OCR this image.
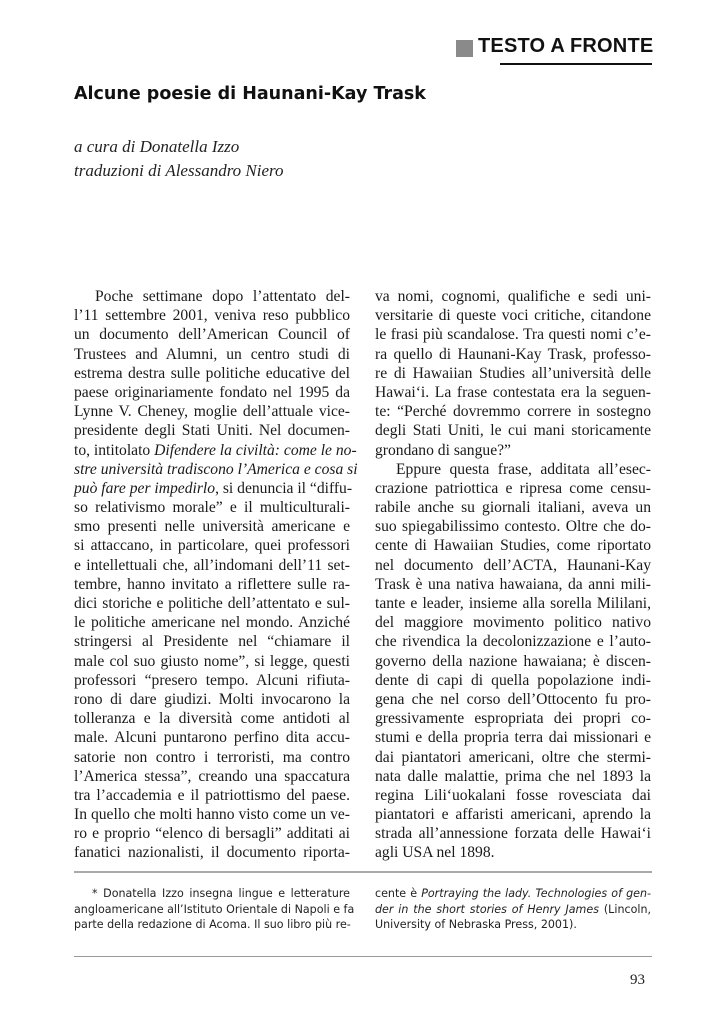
TESTO A FRONTE
Alcune poesie di Haunani-Kay Trask
a cura di Donatella Izzo
traduzioni di Alessandro Niero
Poche settimane dopo l’attentato del-
l’11 settembre 2001, veniva reso pubblico
un documento dell’American Council of
Trustees and Alumni, un centro studi di
estrema destra sulle politiche educative del
paese originariamente fondato nel 1995 da
Lynne V. Cheney, moglie dell’attuale vice-
presidente degli Stati Uniti. Nel documen-
to, intitolato Difendere la civiltà: come le no-
stre università tradiscono l’America e cosa si
può fare per impedirlo, si denuncia il “diffu-
so relativismo morale” e il multiculturali-
smo presenti nelle università americane e
si attaccano, in particolare, quei professori
e intellettuali che, all’indomani dell’11 set-
tembre, hanno invitato a riflettere sulle ra-
dici storiche e politiche dell’attentato e sul-
le politiche americane nel mondo. Anziché
stringersi al Presidente nel “chiamare il
male col suo giusto nome”, si legge, questi
professori “presero tempo. Alcuni rifiuta-
rono di dare giudizi. Molti invocarono la
tolleranza e la diversità come antidoti al
male. Alcuni puntarono perfino dita accu-
satorie non contro i terroristi, ma contro
l’America stessa”, creando una spaccatura
tra l’accademia e il patriottismo del paese.
In quello che molti hanno visto come un ve-
ro e proprio “elenco di bersagli” additati ai
fanatici nazionalisti, il documento riporta-
va nomi, cognomi, qualifiche e sedi uni-
versitarie di queste voci critiche, citandone
le frasi più scandalose. Tra questi nomi c’e-
ra quello di Haunani-Kay Trask, professo-
re di Hawaiian Studies all’università delle
Hawai‘i. La frase contestata era la seguen-
te: “Perché dovremmo correre in sostegno
degli Stati Uniti, le cui mani storicamente
grondano di sangue?”
Eppure questa frase, additata all’esec-
crazione patriottica e ripresa come censu-
rabile anche su giornali italiani, aveva un
suo spiegabilissimo contesto. Oltre che do-
cente di Hawaiian Studies, come riportato
nel documento dell’ACTA, Haunani-Kay
Trask è una nativa hawaiana, da anni mili-
tante e leader, insieme alla sorella Mililani,
del maggiore movimento politico nativo
che rivendica la decolonizzazione e l’auto-
governo della nazione hawaiana; è discen-
dente di capi di quella popolazione indi-
gena che nel corso dell’Ottocento fu pro-
gressivamente espropriata dei propri co-
stumi e della propria terra dai missionari e
dai piantatori americani, oltre che stermi-
nata dalle malattie, prima che nel 1893 la
regina Lili‘uokalani fosse rovesciata dai
piantatori e affaristi americani, aprendo la
strada all’annessione forzata delle Hawai‘i
agli USA nel 1898.
* Donatella Izzo insegna lingue e letterature
angloamericane all’Istituto Orientale di Napoli e fa
parte della redazione di Acoma. Il suo libro più re-
cente è Portraying the lady. Technologies of gen-
der in the short stories of Henry James (Lincoln,
University of Nebraska Press, 2001).
93
